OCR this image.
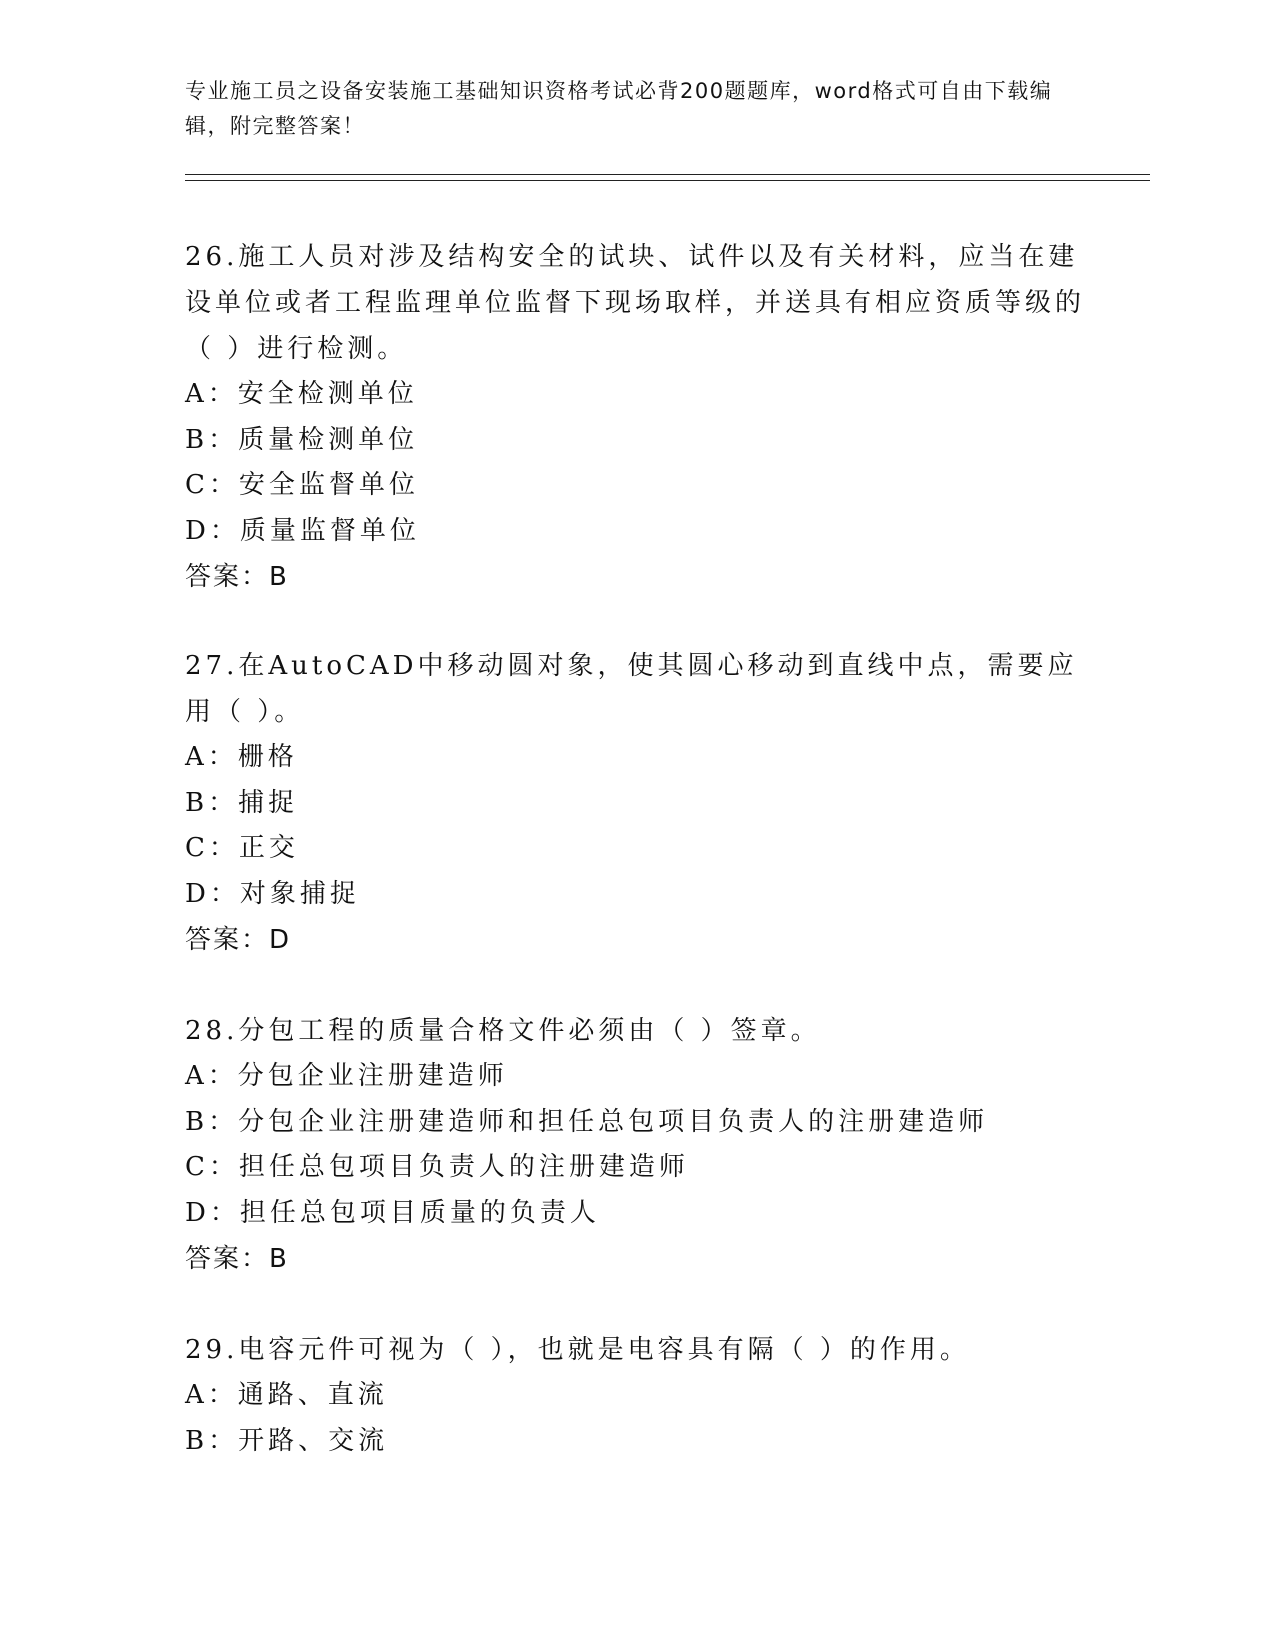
专业施工员之设备安装施工基础知识资格考试必背200题题库，word格式可自由下载编辑，附完整答案！
26.施工人员对涉及结构安全的试块、试件以及有关材料，应当在建设单位或者工程监理单位监督下现场取样，并送具有相应资质等级的（ ）进行检测。
A：安全检测单位
B：质量检测单位
C：安全监督单位
D：质量监督单位
答案：B
27.在AutoCAD中移动圆对象，使其圆心移动到直线中点，需要应用（ ）。
A：栅格
B：捕捉
C：正交
D：对象捕捉
答案：D
28.分包工程的质量合格文件必须由（ ）签章。
A：分包企业注册建造师
B：分包企业注册建造师和担任总包项目负责人的注册建造师
C：担任总包项目负责人的注册建造师
D：担任总包项目质量的负责人
答案：B
29.电容元件可视为（ ），也就是电容具有隔（ ）的作用。
A：通路、直流
B：开路、交流
